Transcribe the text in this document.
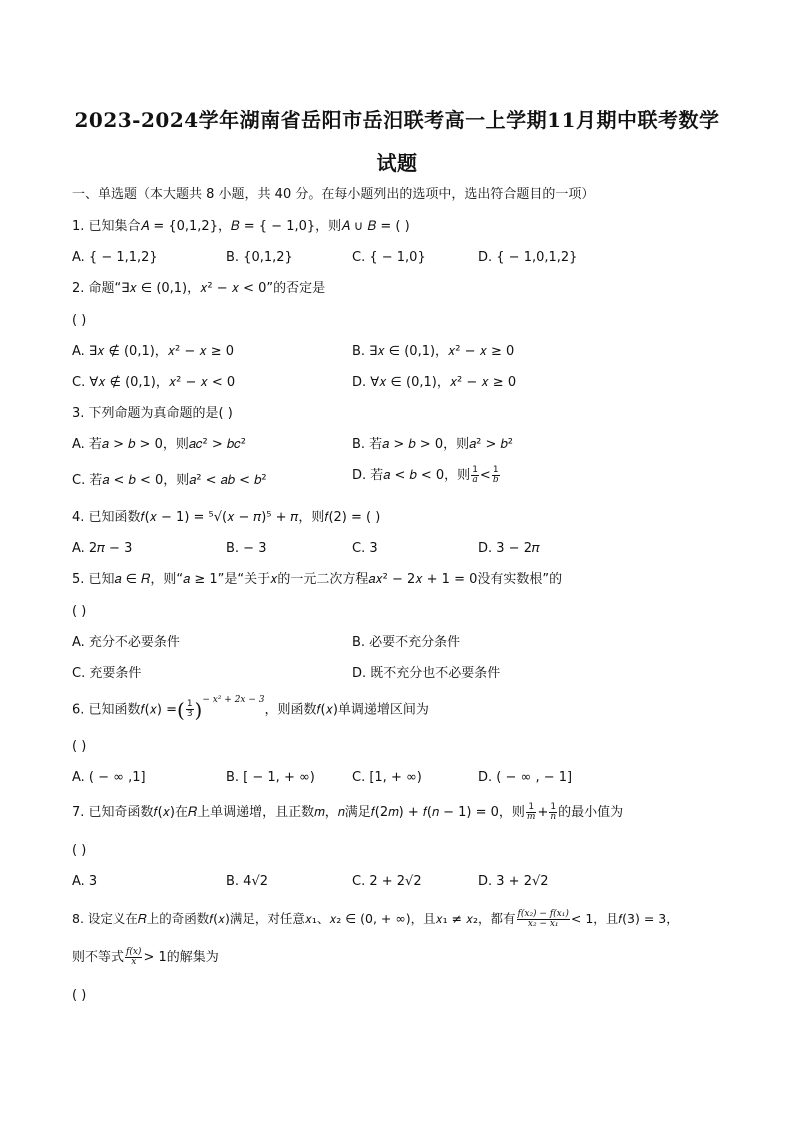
2023-2024学年湖南省岳阳市岳汨联考高一上学期11月期中联考数学
试题
一、单选题（本大题共 8 小题，共 40 分。在每小题列出的选项中，选出符合题目的一项）
1. 已知集合𝐴 = {0,1,2}，𝐵 = { − 1,0}，则𝐴 ∪ 𝐵 = ( )
A. { − 1,1,2}	B. {0,1,2}	C. { − 1,0}	D. { − 1,0,1,2}
2. 命题“∃𝑥 ∈ (0,1)，𝑥² − 𝑥 < 0”的否定是
( )
A. ∃𝑥 ∉ (0,1)，𝑥² − 𝑥 ≥ 0	B. ∃𝑥 ∈ (0,1)，𝑥² − 𝑥 ≥ 0
C. ∀𝑥 ∉ (0,1)，𝑥² − 𝑥 < 0	D. ∀𝑥 ∈ (0,1)，𝑥² − 𝑥 ≥ 0
3. 下列命题为真命题的是( )
A. 若𝑎 > 𝑏 > 0，则𝑎𝑐² > 𝑏𝑐²	B. 若𝑎 > 𝑏 > 0，则𝑎² > 𝑏²
C. 若𝑎 < 𝑏 < 0，则𝑎² < 𝑎𝑏 < 𝑏²	D. 若𝑎 < 𝑏 < 0，则 $\frac{1}{\text{𝑎}} < \frac{1}{\text{𝑏}}$
4. 已知函数𝑓(𝑥 − 1) = ⁵√(𝑥 − 𝜋)⁵ + 𝜋，则𝑓(2) = ( )
A. 2𝜋 − 3	B. − 3	C. 3	D. 3 − 2𝜋
5. 已知𝑎 ∈ 𝑅，则“𝑎 ≥ 1”是“关于𝑥的一元二次方程𝑎𝑥² − 2𝑥 + 1 = 0没有实数根”的
( )
A. 充分不必要条件	B. 必要不充分条件
C. 充要条件	D. 既不充分也不必要条件
6. 已知函数𝑓(𝑥) =( $\frac{1}{3} )^{- 𝑥^2 + 2𝑥 - 3}$，则函数𝑓(𝑥)单调递增区间为
( )
A. ( − ∞ ,1]	B. [ − 1, + ∞)	C. [1, + ∞)	D. ( − ∞ , − 1]
7. 已知奇函数𝑓(𝑥)在𝑅上单调递增，且正数𝑚，𝑛满足𝑓(2𝑚) + 𝑓(𝑛 − 1) = 0，则 $\frac{1}{\text{𝑚}} + \frac{1}{\text{𝑛}}$ 的最小值为
( )
A. 3	B. 4√2	C. 2 + 2√2	D. 3 + 2√2
8. 设定义在𝑅上的奇函数𝑓(𝑥)满足，对任意𝑥₁、𝑥₂ ∈ (0, + ∞)，且𝑥₁ ≠ 𝑥₂，都有 $\frac{\text{𝑓(𝑥₂) − 𝑓(𝑥₁)}}{\text{𝑥₂ − 𝑥₁}} < 1$，且𝑓(3) = 3，
则不等式 $\frac{\text{𝑓(𝑥)}}{\text{𝑥}} > 1$的解集为
( )
